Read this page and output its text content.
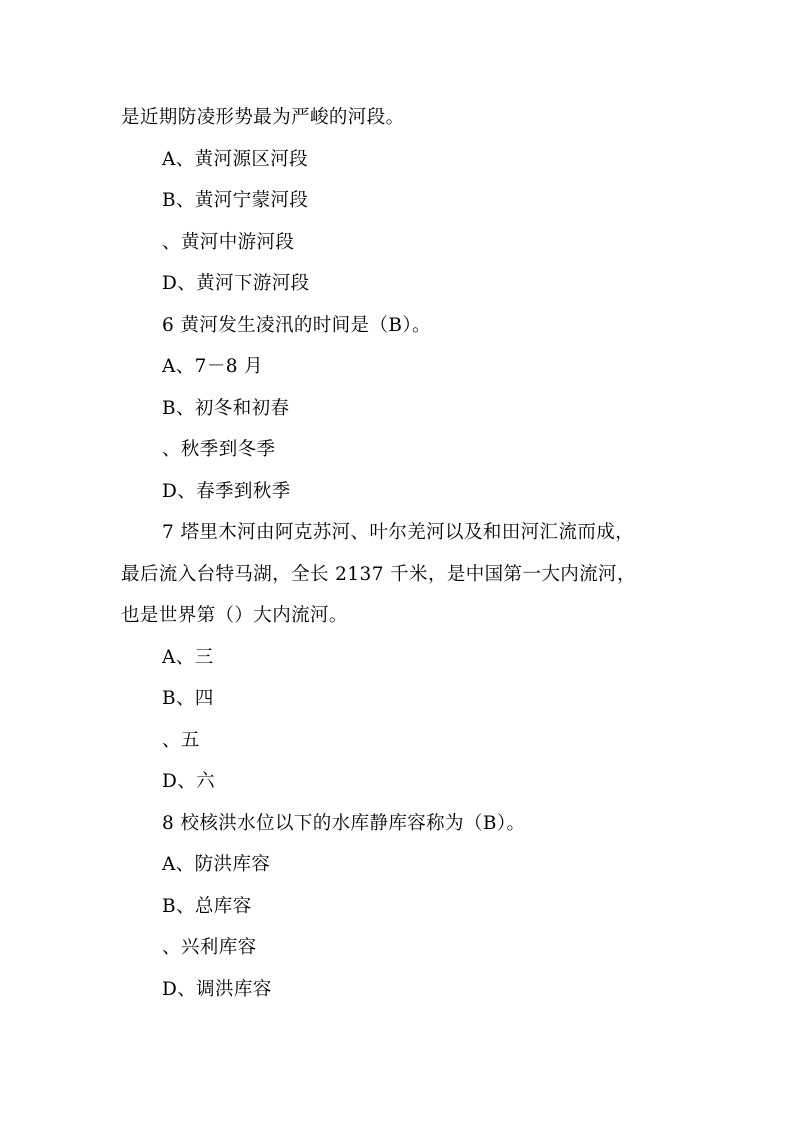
是近期防凌形势最为严峻的河段。
A、黄河源区河段
B、黄河宁蒙河段
、黄河中游河段
D、黄河下游河段
6 黄河发生凌汛的时间是（B）。
A、7－8 月
B、初冬和初春
、秋季到冬季
D、春季到秋季
7 塔里木河由阿克苏河、叶尔羌河以及和田河汇流而成，
最后流入台特马湖，全长 2137 千米，是中国第一大内流河，
也是世界第（）大内流河。
A、三
B、四
、五
D、六
8 校核洪水位以下的水库静库容称为（B）。
A、防洪库容
B、总库容
、兴利库容
D、调洪库容
